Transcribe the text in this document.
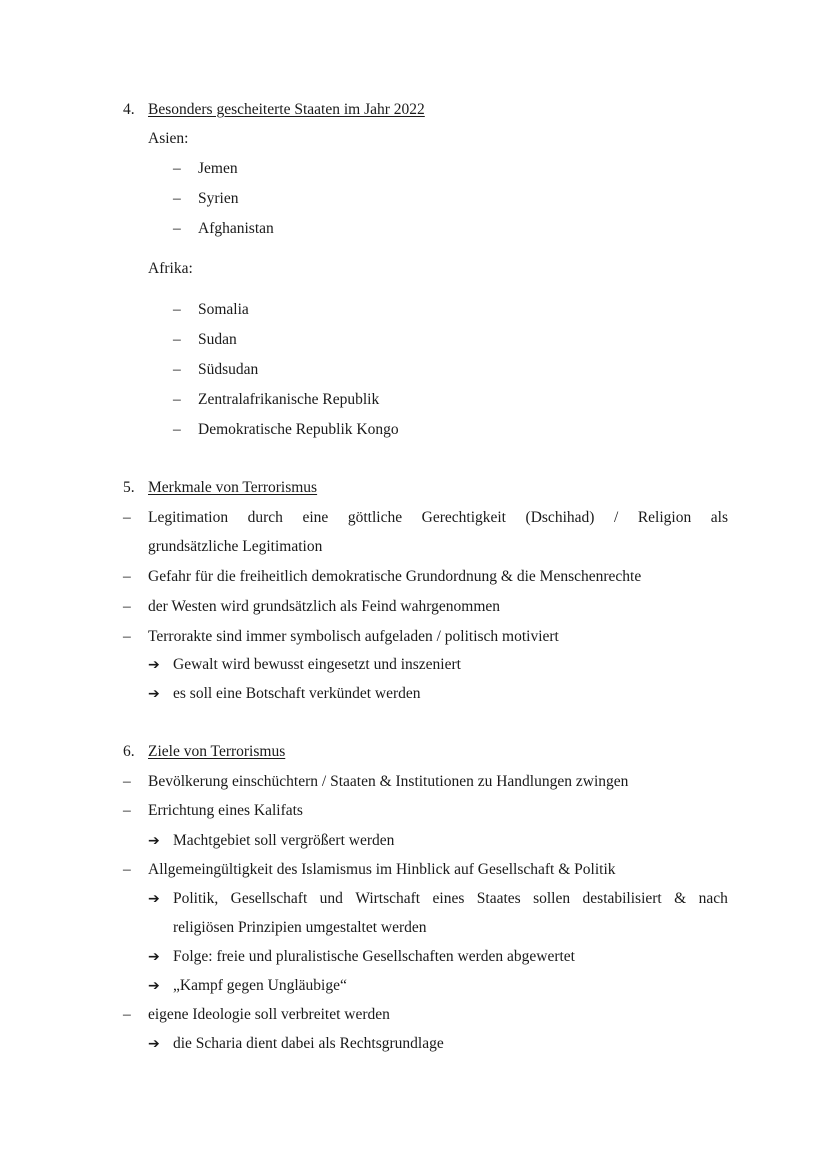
4. Besonders gescheiterte Staaten im Jahr 2022
Asien:
– Jemen
– Syrien
– Afghanistan
Afrika:
– Somalia
– Sudan
– Südsudan
– Zentralafrikanische Republik
– Demokratische Republik Kongo
5. Merkmale von Terrorismus
– Legitimation durch eine göttliche Gerechtigkeit (Dschihad) / Religion als
grundsätzliche Legitimation
– Gefahr für die freiheitlich demokratische Grundordnung & die Menschenrechte
– der Westen wird grundsätzlich als Feind wahrgenommen
– Terrorakte sind immer symbolisch aufgeladen / politisch motiviert
➔ Gewalt wird bewusst eingesetzt und inszeniert
➔ es soll eine Botschaft verkündet werden
6. Ziele von Terrorismus
– Bevölkerung einschüchtern / Staaten & Institutionen zu Handlungen zwingen
– Errichtung eines Kalifats
➔ Machtgebiet soll vergrößert werden
– Allgemeingültigkeit des Islamismus im Hinblick auf Gesellschaft & Politik
➔ Politik, Gesellschaft und Wirtschaft eines Staates sollen destabilisiert & nach
religiösen Prinzipien umgestaltet werden
➔ Folge: freie und pluralistische Gesellschaften werden abgewertet
➔ „Kampf gegen Ungläubige“
– eigene Ideologie soll verbreitet werden
➔ die Scharia dient dabei als Rechtsgrundlage
